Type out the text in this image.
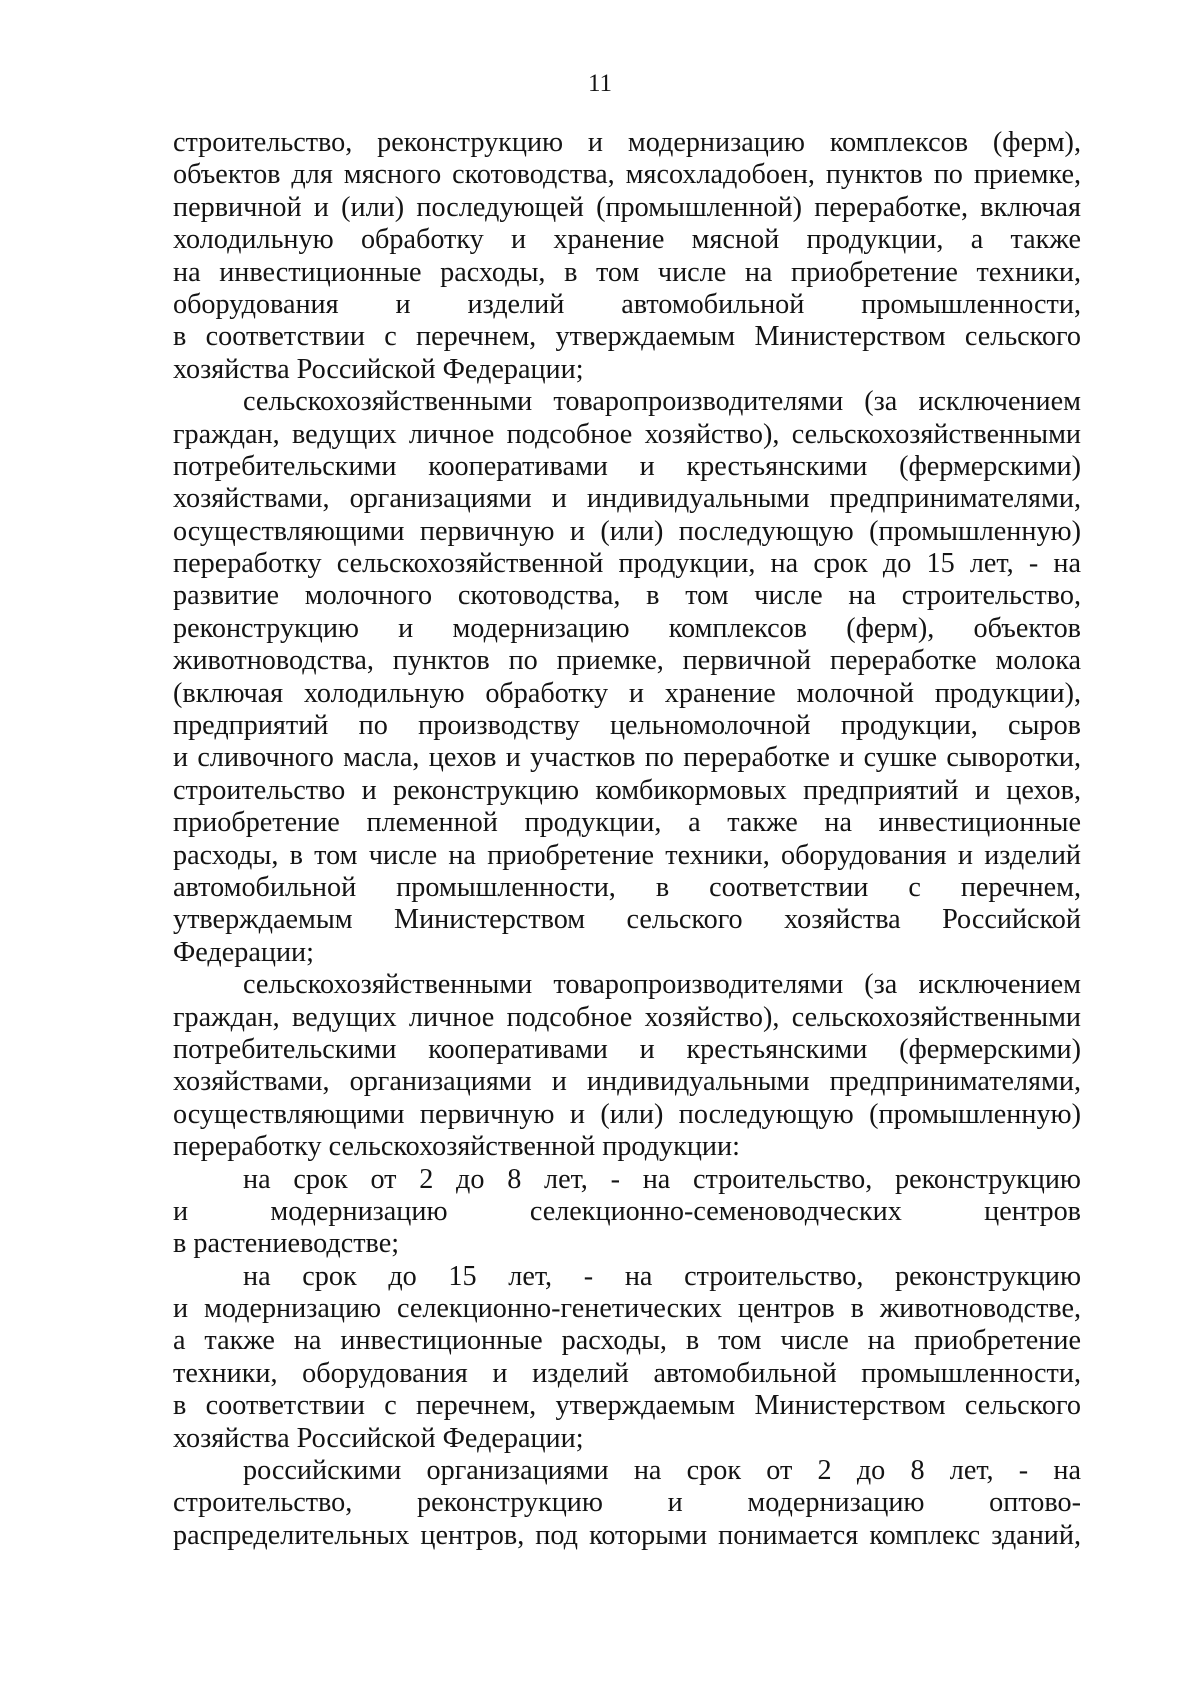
11
строительство, реконструкцию и модернизацию комплексов (ферм),
объектов для мясного скотоводства, мясохладобоен, пунктов по приемке,
первичной и (или) последующей (промышленной) переработке, включая
холодильную обработку и хранение мясной продукции, а также
на инвестиционные расходы, в том числе на приобретение техники,
оборудования и изделий автомобильной промышленности,
в соответствии с перечнем, утверждаемым Министерством сельского
хозяйства Российской Федерации;
сельскохозяйственными товаропроизводителями (за исключением
граждан, ведущих личное подсобное хозяйство), сельскохозяйственными
потребительскими кооперативами и крестьянскими (фермерскими)
хозяйствами, организациями и индивидуальными предпринимателями,
осуществляющими первичную и (или) последующую (промышленную)
переработку сельскохозяйственной продукции, на срок до 15 лет, - на
развитие молочного скотоводства, в том числе на строительство,
реконструкцию и модернизацию комплексов (ферм), объектов
животноводства, пунктов по приемке, первичной переработке молока
(включая холодильную обработку и хранение молочной продукции),
предприятий по производству цельномолочной продукции, сыров
и сливочного масла, цехов и участков по переработке и сушке сыворотки,
строительство и реконструкцию комбикормовых предприятий и цехов,
приобретение племенной продукции, а также на инвестиционные
расходы, в том числе на приобретение техники, оборудования и изделий
автомобильной промышленности, в соответствии с перечнем,
утверждаемым Министерством сельского хозяйства Российской
Федерации;
сельскохозяйственными товаропроизводителями (за исключением
граждан, ведущих личное подсобное хозяйство), сельскохозяйственными
потребительскими кооперативами и крестьянскими (фермерскими)
хозяйствами, организациями и индивидуальными предпринимателями,
осуществляющими первичную и (или) последующую (промышленную)
переработку сельскохозяйственной продукции:
на срок от 2 до 8 лет, - на строительство, реконструкцию
и модернизацию селекционно-семеноводческих центров
в растениеводстве;
на срок до 15 лет, - на строительство, реконструкцию
и модернизацию селекционно-генетических центров в животноводстве,
а также на инвестиционные расходы, в том числе на приобретение
техники, оборудования и изделий автомобильной промышленности,
в соответствии с перечнем, утверждаемым Министерством сельского
хозяйства Российской Федерации;
российскими организациями на срок от 2 до 8 лет, - на
строительство, реконструкцию и модернизацию оптово-
распределительных центров, под которыми понимается комплекс зданий,
